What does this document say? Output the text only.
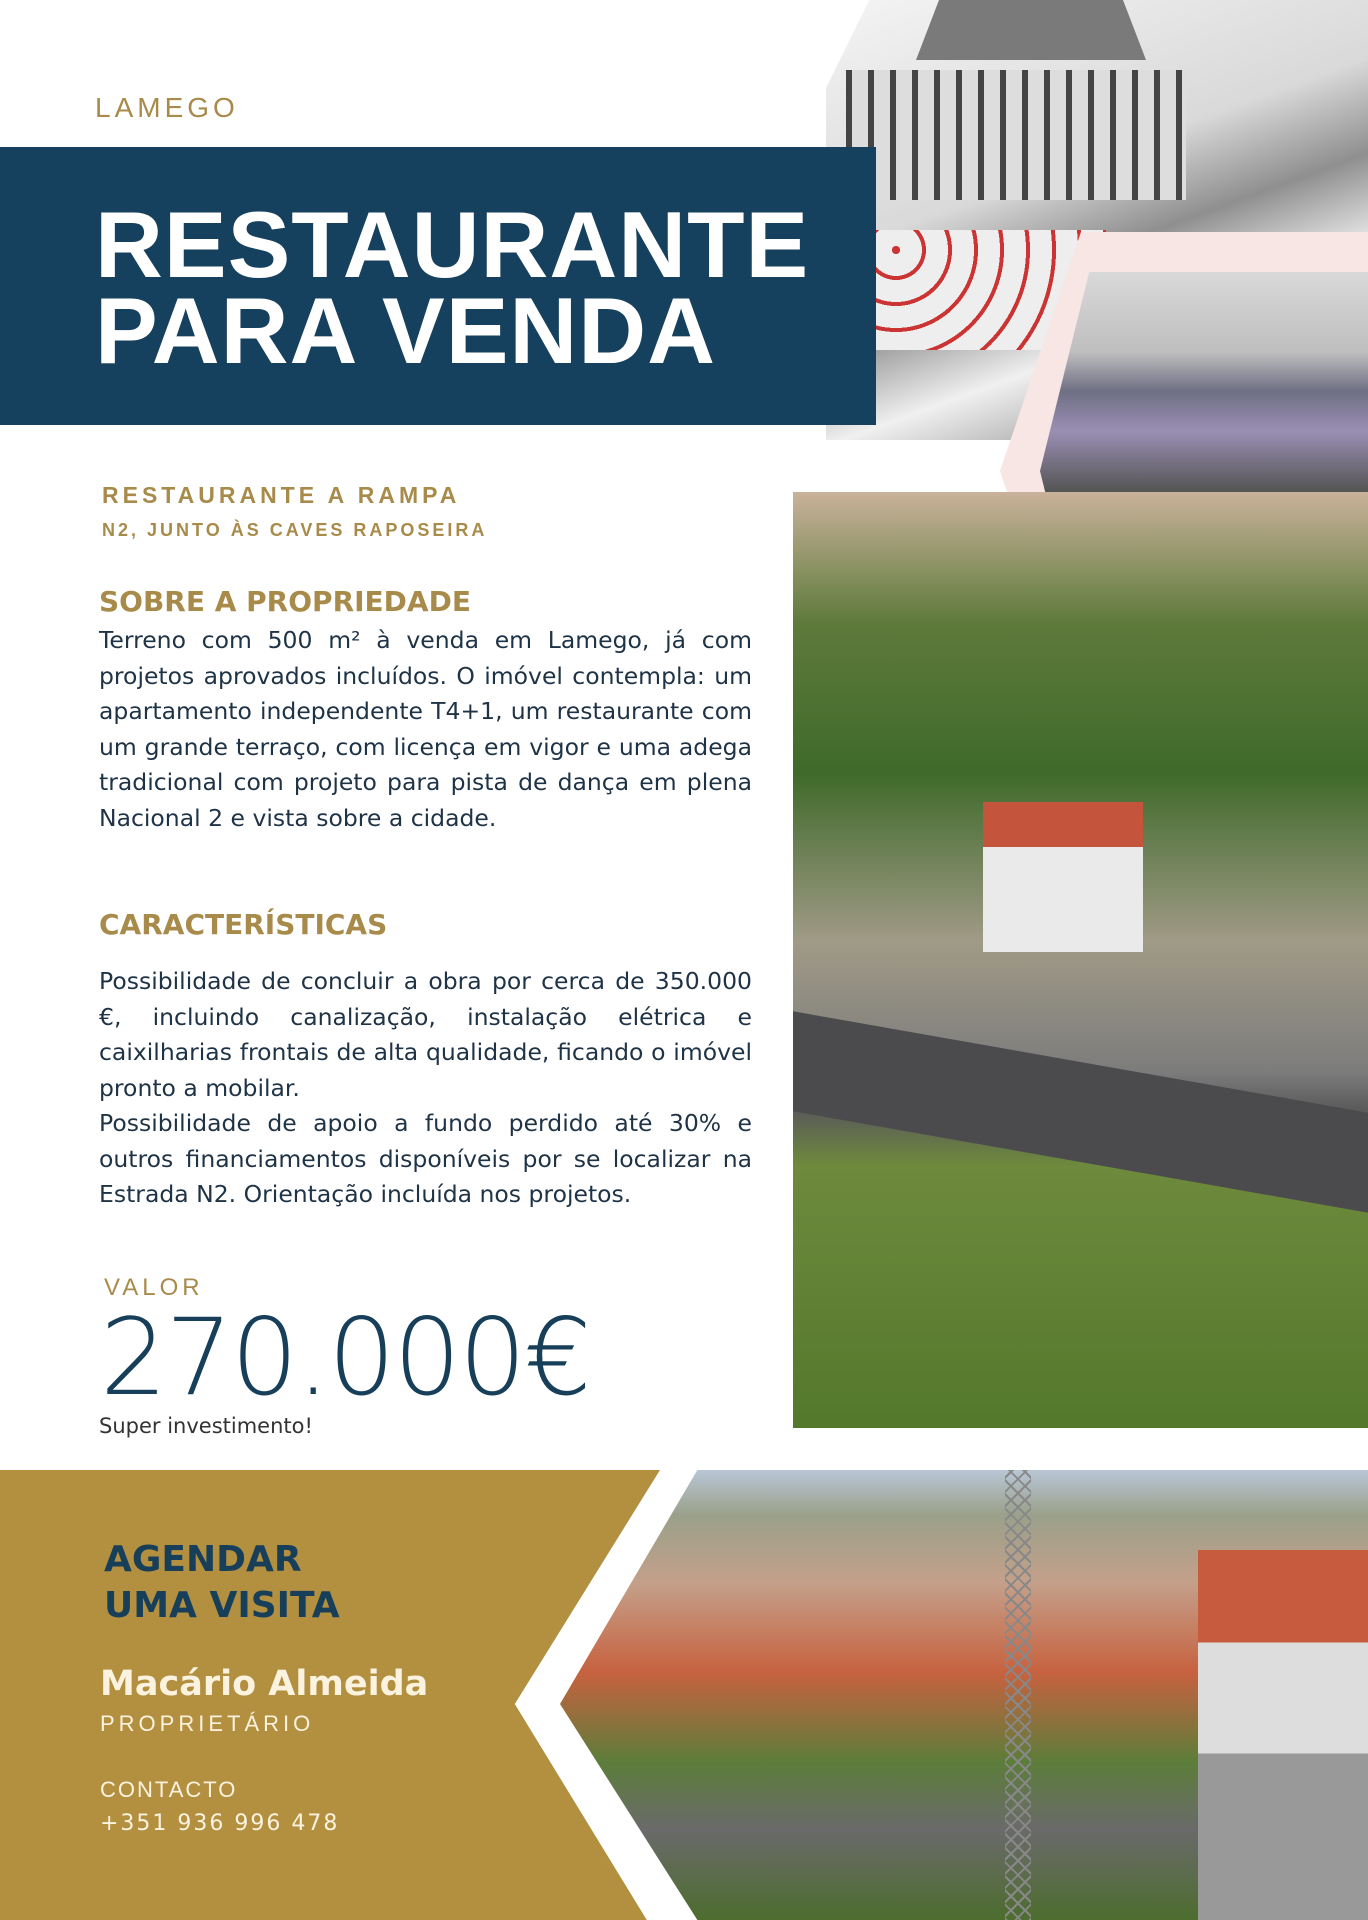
LAMEGO
RESTAURANTE
PARA VENDA
RESTAURANTE A RAMPA
N2, JUNTO ÀS CAVES RAPOSEIRA
SOBRE A PROPRIEDADE
Terreno com 500 m² à venda em Lamego, já com projetos aprovados incluídos. O imóvel contempla: um apartamento independente T4+1, um restaurante com um grande terraço, com licença em vigor e uma adega tradicional com projeto para pista de dança em plena Nacional 2 e vista sobre a cidade.
CARACTERÍSTICAS
Possibilidade de concluir a obra por cerca de 350.000 €, incluindo canalização, instalação elétrica e caixilharias frontais de alta qualidade, ficando o imóvel pronto a mobilar.
Possibilidade de apoio a fundo perdido até 30% e outros financiamentos disponíveis por se localizar na Estrada N2. Orientação incluída nos projetos.
VALOR
270.000€
Super investimento!
AGENDAR
UMA VISITA
Macário Almeida
PROPRIETÁRIO
CONTACTO
+351 936 996 478
